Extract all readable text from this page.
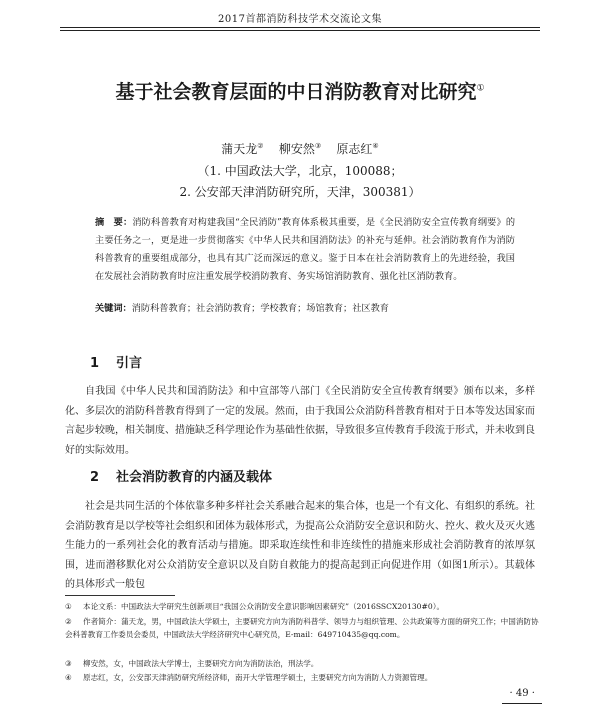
2017首都消防科技学术交流论文集
基于社会教育层面的中日消防教育对比研究①
蒲天龙② 柳安然③ 原志红④
（1. 中国政法大学，北京，100088；
2. 公安部天津消防研究所，天津，300381）
摘　要：消防科普教育对构建我国“全民消防”教育体系极其重要，是《全民消防安全宣传教育纲要》的主要任务之一，更是进一步贯彻落实《中华人民共和国消防法》的补充与延伸。社会消防教育作为消防科普教育的重要组成部分，也具有其广泛而深远的意义。鉴于日本在社会消防教育上的先进经验，我国在发展社会消防教育时应注重发展学校消防教育、务实场馆消防教育、强化社区消防教育。
关键词：消防科普教育；社会消防教育；学校教育；场馆教育；社区教育
1 引言
自我国《中华人民共和国消防法》和中宣部等八部门《全民消防安全宣传教育纲要》颁布以来，多样化、多层次的消防科普教育得到了一定的发展。然而，由于我国公众消防科普教育相对于日本等发达国家而言起步较晚，相关制度、措施缺乏科学理论作为基础性依据，导致很多宣传教育手段流于形式，并未收到良好的实际效用。
2 社会消防教育的内涵及载体
社会是共同生活的个体依靠多种多样社会关系融合起来的集合体，也是一个有文化、有组织的系统。社会消防教育是以学校等社会组织和团体为载体形式，为提高公众消防安全意识和防火、控火、救火及灭火逃生能力的一系列社会化的教育活动与措施。即采取连续性和非连续性的措施来形成社会消防教育的浓厚氛围，进而潜移默化对公众消防安全意识以及自防自救能力的提高起到正向促进作用（如图1所示）。其载体的具体形式一般包
① 本论文系：中国政法大学研究生创新项目“我国公众消防安全意识影响因素研究”（2016SSCX20130#0）。
② 作者简介：蒲天龙，男，中国政法大学硕士，主要研究方向为消防科普学、领导力与组织管理、公共政策等方面的研究工作；中国消防协会科普教育工作委员会委员，中国政法大学经济研究中心研究员，E-mail：649710435@qq.com。
③ 柳安然，女，中国政法大学博士，主要研究方向为消防法治，刑法学。
④ 原志红，女，公安部天津消防研究所经济师，南开大学管理学硕士，主要研究方向为消防人力资源管理。
· 49 ·
